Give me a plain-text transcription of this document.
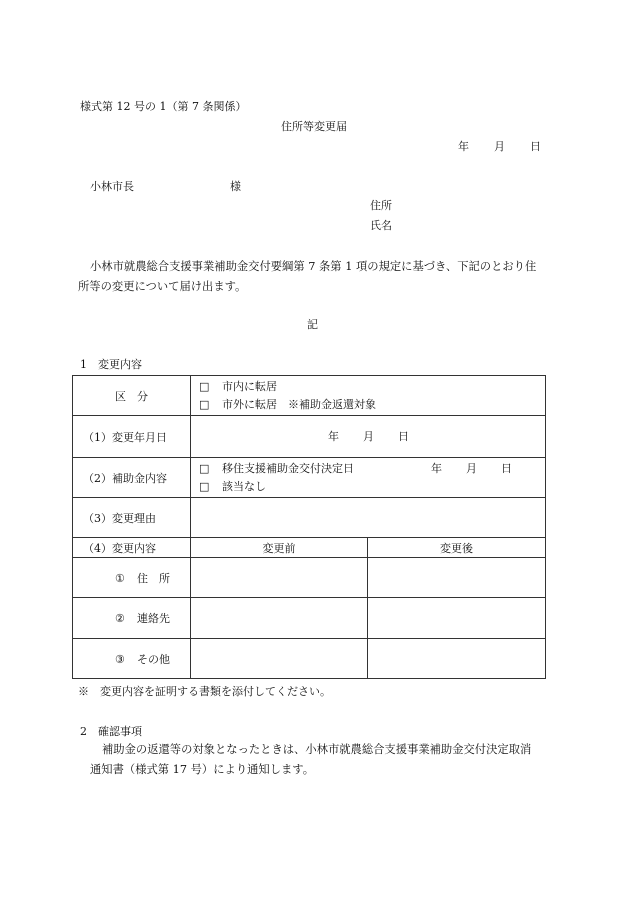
様式第 12 号の 1（第 7 条関係）
住所等変更届
年 月 日
小林市長	様
住所
氏名
小林市就農総合支援事業補助金交付要綱第 7 条第 1 項の規定に基づき、下記のとおり住
所等の変更について届け出ます。
記
1　変更内容
区　分	□ 市内に転居
□ 市外に転居　※補助金返還対象	

（1）変更年月日	年 月 日	

（2）補助金内容	□ 移住支援補助金交付決定日 年 月 日
□ 該当なし	

（3）変更理由		
（4）変更内容	変更前	変更後
① 住　所		
② 連絡先		
③ その他		
※　変更内容を証明する書類を添付してください。
2　確認事項
補助金の返還等の対象となったときは、小林市就農総合支援事業補助金交付決定取消
通知書（様式第 17 号）により通知します。
